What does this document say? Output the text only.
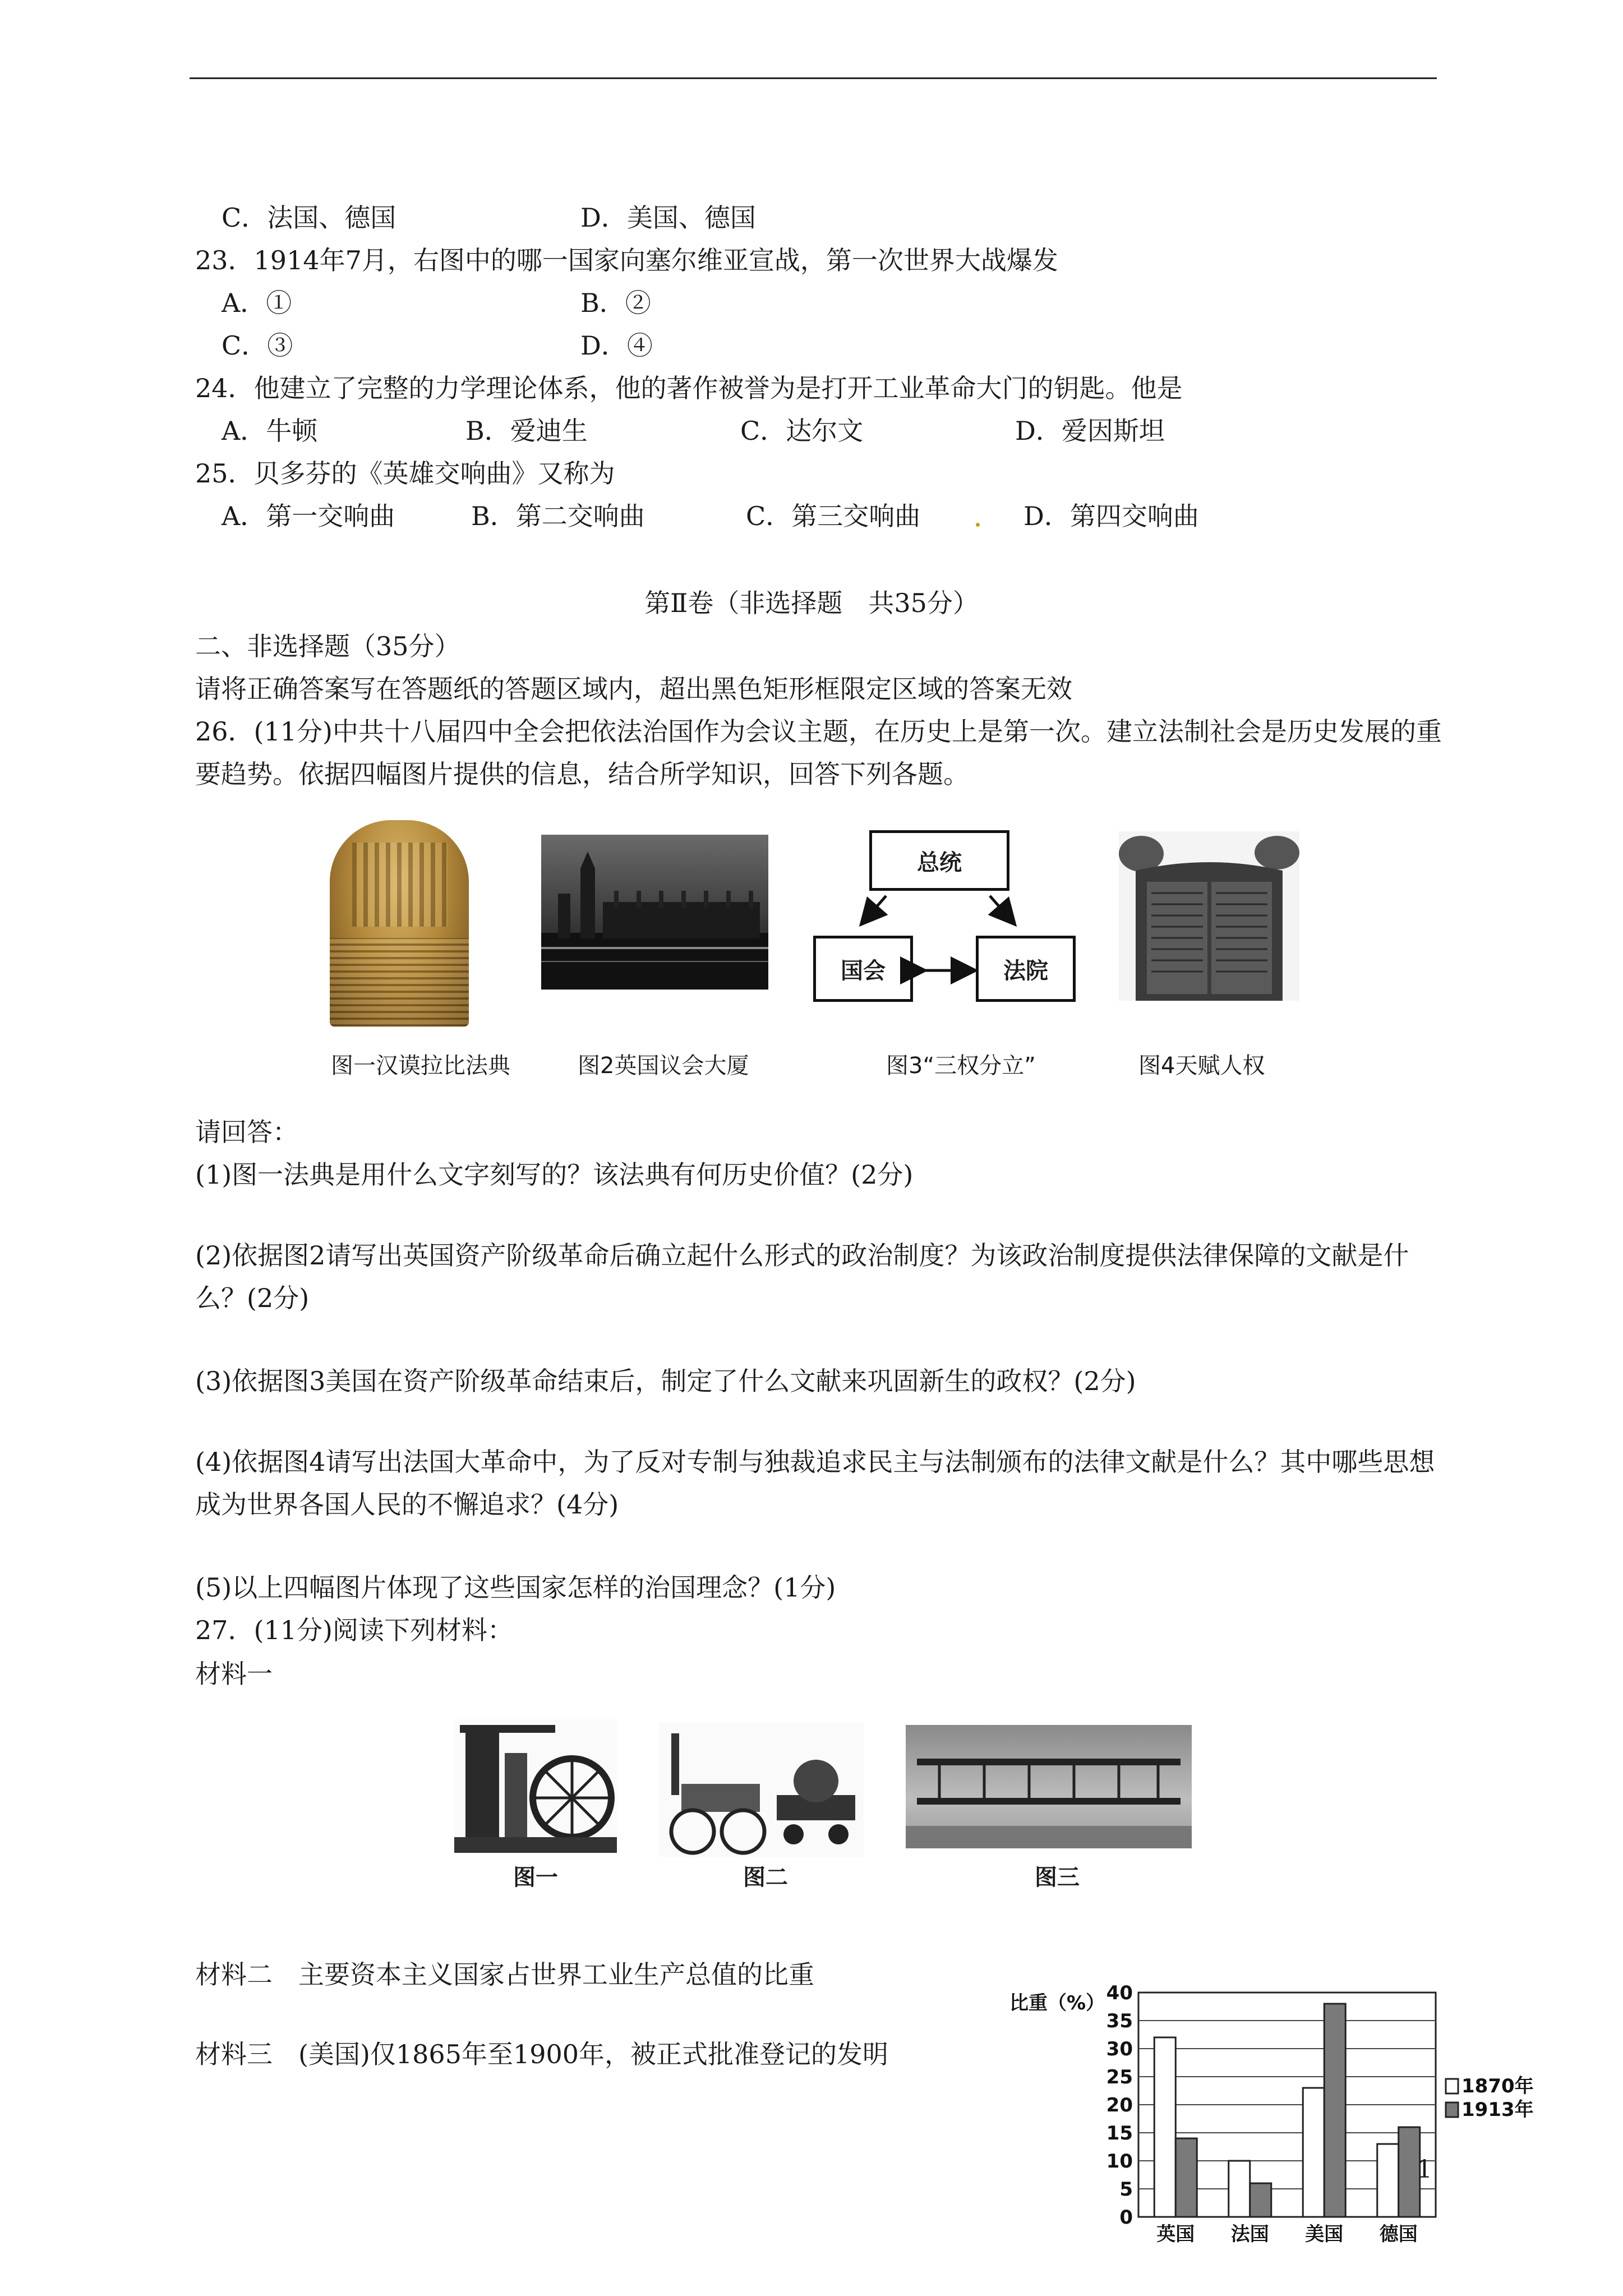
C．法国、德国	D．美国、德国
23．1914年7月，右图中的哪一国家向塞尔维亚宣战，第一次世界大战爆发
A．①	B．②
C．③	D．④
24．他建立了完整的力学理论体系，他的著作被誉为是打开工业革命大门的钥匙。他是
A．牛顿	B．爱迪生	C．达尔文	D．爱因斯坦
25．贝多芬的《英雄交响曲》又称为
A．第一交响曲	B．第二交响曲	C．第三交响曲	D．第四交响曲
第Ⅱ卷（非选择题　共35分）
二、非选择题（35分）
请将正确答案写在答题纸的答题区域内，超出黑色矩形框限定区域的答案无效
26．(11分)中共十八届四中全会把依法治国作为会议主题，在历史上是第一次。建立法制社会是历史发展的重要趋势。依据四幅图片提供的信息，结合所学知识，回答下列各题。
总统
国会	法院
图一汉谟拉比法典	图2英国议会大厦	图3“三权分立”	图4天赋人权
请回答：
(1)图一法典是用什么文字刻写的？该法典有何历史价值？(2分)
(2)依据图2请写出英国资产阶级革命后确立起什么形式的政治制度？为该政治制度提供法律保障的文献是什么？(2分)
(3)依据图3美国在资产阶级革命结束后，制定了什么文献来巩固新生的政权？(2分)
(4)依据图4请写出法国大革命中，为了反对专制与独裁追求民主与法制颁布的法律文献是什么？其中哪些思想成为世界各国人民的不懈追求？(4分)
(5)以上四幅图片体现了这些国家怎样的治国理念？(1分)
27．(11分)阅读下列材料：
材料一
图一	图二	图三
材料二　主要资本主义国家占世界工业生产总值的比重
材料三　(美国)仅1865年至1900年，被正式批准登记的发明
0
5
10
15
20
25
30
35
40
比重（%）
英国 法国 美国 德国
1870年
1913年
1
